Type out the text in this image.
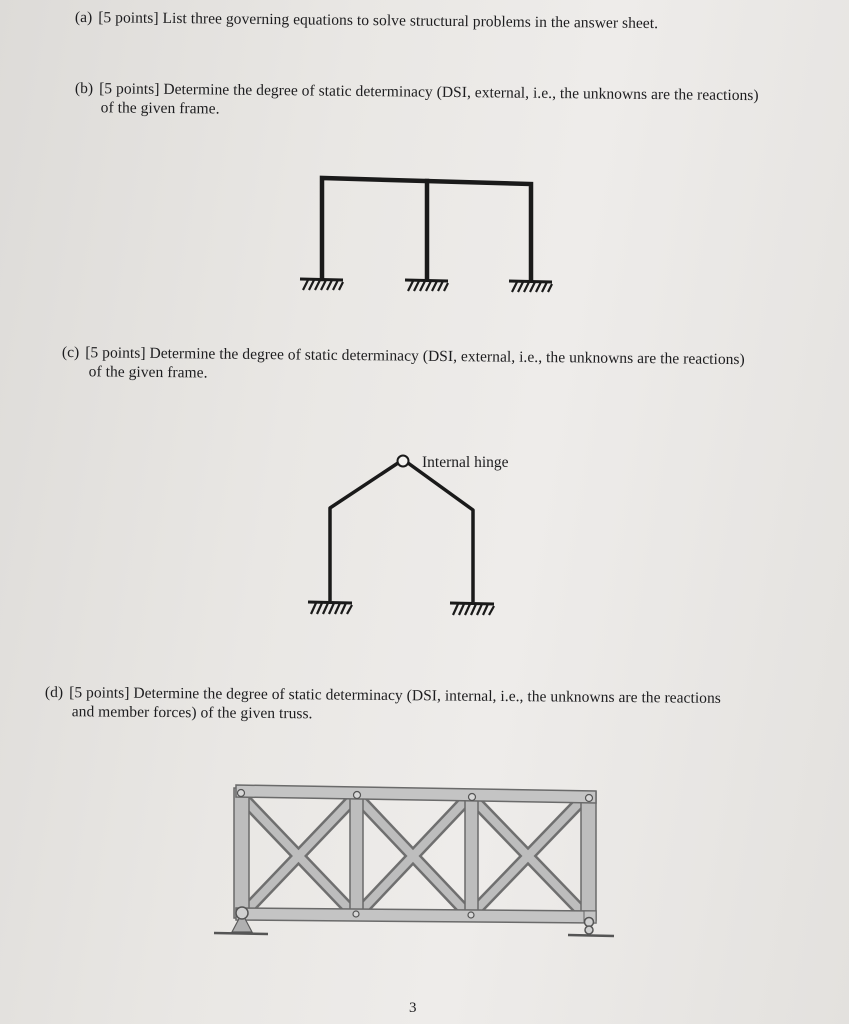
(a) [5 points] List three governing equations to solve structural problems in the answer sheet.
(b) [5 points] Determine the degree of static determinacy (DSI, external, i.e., the unknowns are the reactions)
of the given frame.
(c) [5 points] Determine the degree of static determinacy (DSI, external, i.e., the unknowns are the reactions)
of the given frame.
Internal hinge
(d) [5 points] Determine the degree of static determinacy (DSI, internal, i.e., the unknowns are the reactions
and member forces) of the given truss.
3
